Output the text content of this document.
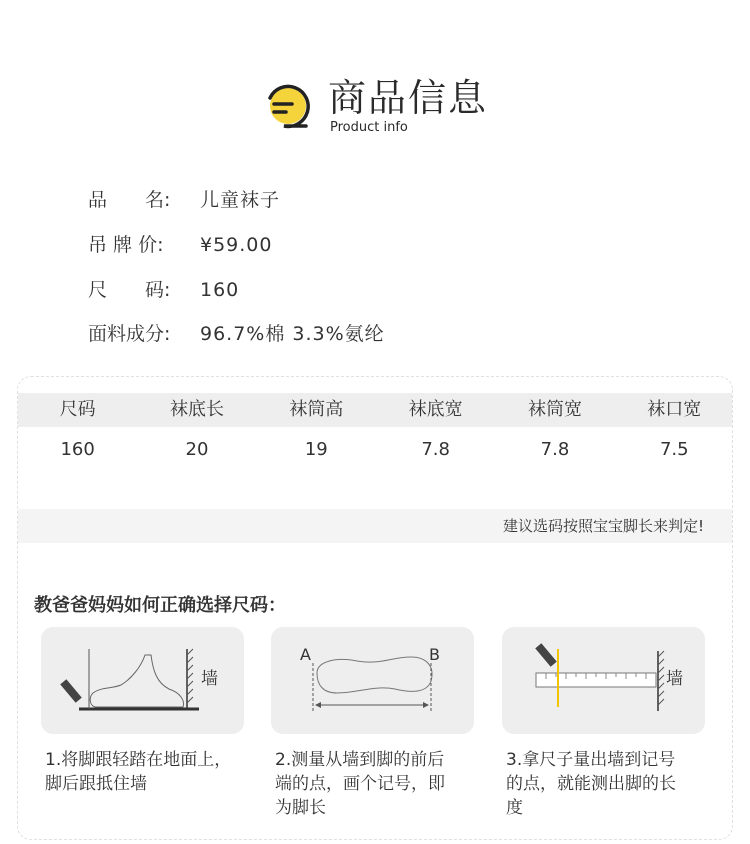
商品信息
Product info
品　　名: 儿童袜子
吊 牌 价: ¥59.00
尺　　码: 160
面料成分: 96.7%棉 3.3%氨纶
尺码	袜底长	袜筒高	袜底宽	袜筒宽	袜口宽
160	20	19	7.8	7.8	7.5
建议选码按照宝宝脚长来判定!
教爸爸妈妈如何正确选择尺码：
墙
1.将脚跟轻踏在地面上，
脚后跟抵住墙
A	B
2.测量从墙到脚的前后
端的点，画个记号，即
为脚长
墙
3.拿尺子量出墙到记号
的点，就能测出脚的长
度
